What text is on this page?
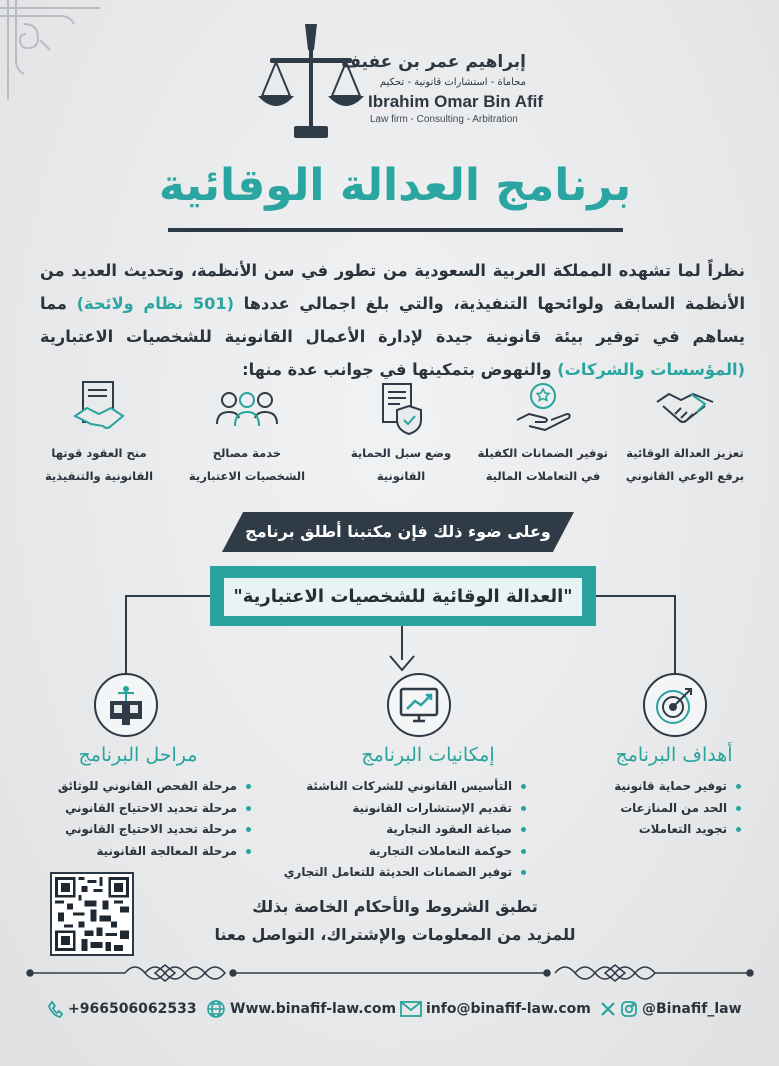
إبراهيم عمر بن عفيف
محاماة - استشارات قانونية - تحكيم
Ibrahim Omar Bin Afif
Law firm - Consulting - Arbitration
برنامج العدالة الوقائية

نظراً لما تشهده المملكة العربية السعودية من تطور في سن الأنظمة، وتحديث العديد من الأنظمة السابقة ولوائحها التنفيذية، والتي بلغ اجمالي عددها (501 نظام ولائحة) مما يساهم في توفير بيئة قانونية جيدة لإدارة الأعمال القانونية للشخصيات الاعتبارية (المؤسسات والشركات) والنهوض بتمكينها في جوانب عدة منها:

تعزيز العدالة الوقائية
برفع الوعي القانوني
توفير الضمانات الكفيلة
في التعاملات المالية
وضع سبل الحماية
القانونية
خدمة مصالح
الشخصيات الاعتبارية
منح العقود قوتها
القانونية والتنفيذية
وعلى ضوء ذلك فإن مكتبنا أطلق برنامج
"العدالة الوقائية للشخصيات الاعتبارية"
أهداف البرنامج
توفير حماية قانونية
الحد من المنازعات
تجويد التعاملات
إمكانيات البرنامج
التأسيس القانوني للشركات الناشئة
تقديم الإستشارات القانونية
صياغة العقود التجارية
حوكمة التعاملات التجارية
توفير الضمانات الحديثة للتعامل التجاري
مراحل البرنامج
مرحلة الفحص القانوني للوثائق
مرحلة تحديد الاحتياج القانوني
مرحلة تحديد الاحتياج القانوني
مرحلة المعالجة القانونية
تطبق الشروط والأحكام الخاصة بذلك
للمزيد من المعلومات والإشتراك، التواصل معنا
+966506062533	Www.binafif-law.com	info@binafif-law.com	@Binafif_law
